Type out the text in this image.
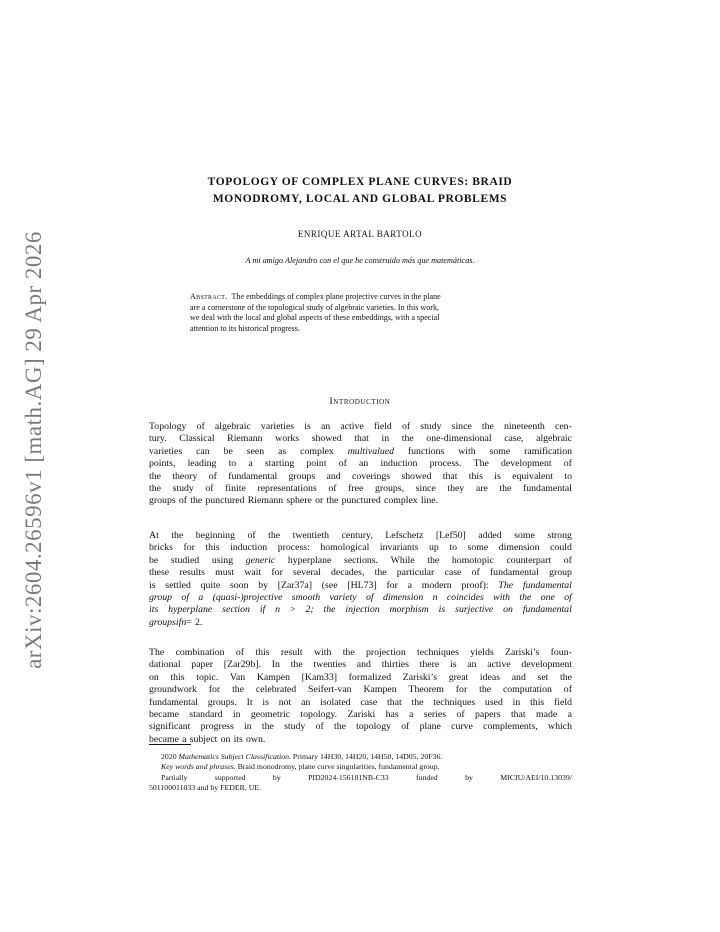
arXiv:2604.26596v1 [math.AG] 29 Apr 2026
TOPOLOGY OF COMPLEX PLANE CURVES: BRAID
MONODROMY, LOCAL AND GLOBAL PROBLEMS
ENRIQUE ARTAL BARTOLO
A mi amigo Alejandro con el que he construido más que matemáticas.
Abstract. The embeddings of complex plane projective curves in the plane
are a cornerstone of the topological study of algebraic varieties. In this work,
we deal with the local and global aspects of these embeddings, with a special
attention to its historical progress.
Introduction
Topology of algebraic varieties is an active field of study since the nineteenth cen-
tury. Classical Riemann works showed that in the one-dimensional case, algebraic
varieties can be seen as complex multivalued functions with some ramification
points, leading to a starting point of an induction process. The development of
the theory of fundamental groups and coverings showed that this is equivalent to
the study of finite representations of free groups, since they are the fundamental
groups of the punctured Riemann sphere or the punctured complex line.
At the beginning of the twentieth century, Lefschetz [Lef50] added some strong
bricks for this induction process: homological invariants up to some dimension could
be studied using generic hyperplane sections. While the homotopic counterpart of
these results must wait for several decades, the particular case of fundamental group
is settled quite soon by [Zar37a] (see [HL73] for a modern proof): The fundamental
group of a (quasi-)projective smooth variety of dimension n coincides with the one of
its hyperplane section if n > 2; the injection morphism is surjective on fundamental
groups if n = 2.
The combination of this result with the projection techniques yields Zariski’s foun-
dational paper [Zar29b]. In the twenties and thirties there is an active development
on this topic. Van Kampen [Kam33] formalized Zariski’s great ideas and set the
groundwork for the celebrated Seifert-van Kampen Theorem for the computation of
fundamental groups. It is not an isolated case that the techniques used in this field
became standard in geometric topology. Zariski has a series of papers that made a
significant progress in the study of the topology of plane curve complements, which
became a subject on its own.
2020 Mathematics Subject Classification. Primary 14H30, 14H20, 14H50, 14D05, 20F36.
Key words and phrases. Braid monodromy, plane curve singularities, fundamental group.
Partially	supported	by	PID2024-156181NB-C33	funded	by	MICIU/AEI/10.13039/
501100011033 and by FEDER, UE.
